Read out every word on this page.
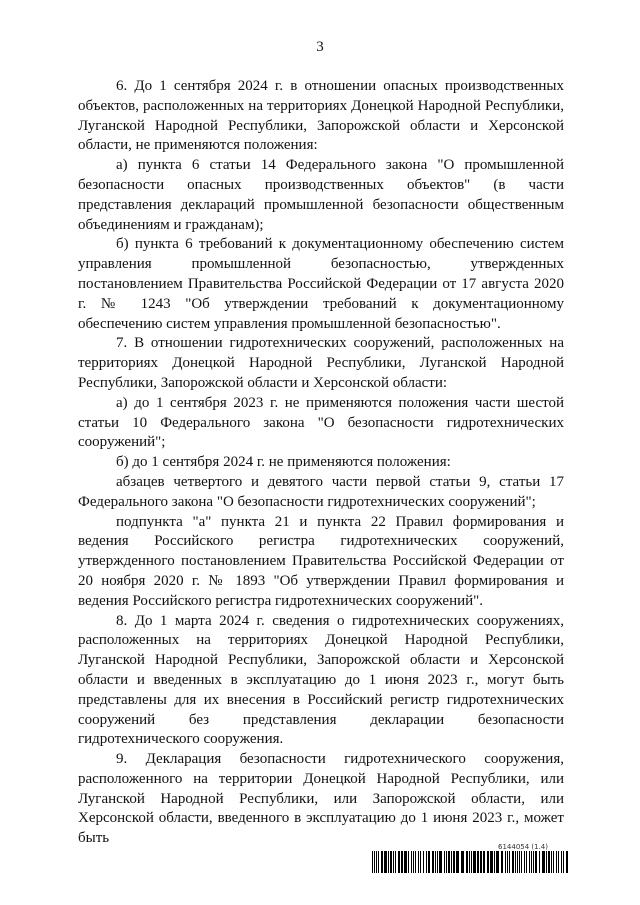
3

6. До 1 сентября 2024 г. в отношении опасных производственных объектов, расположенных на территориях Донецкой Народной Республики, Луганской Народной Республики, Запорожской области и Херсонской области, не применяются положения:

а) пункта 6 статьи 14 Федерального закона "О промышленной безопасности опасных производственных объектов" (в части представления деклараций промышленной безопасности общественным объединениям и гражданам);

б) пункта 6 требований к документационному обеспечению систем управления промышленной безопасностью, утвержденных постановлением Правительства Российской Федерации от 17 августа 2020 г. № 1243 "Об утверждении требований к документационному обеспечению систем управления промышленной безопасностью".

7. В отношении гидротехнических сооружений, расположенных на территориях Донецкой Народной Республики, Луганской Народной Республики, Запорожской области и Херсонской области:

а) до 1 сентября 2023 г. не применяются положения части шестой статьи 10 Федерального закона "О безопасности гидротехнических сооружений";

б) до 1 сентября 2024 г. не применяются положения:

абзацев четвертого и девятого части первой статьи 9, статьи 17 Федерального закона "О безопасности гидротехнических сооружений";

подпункта "а" пункта 21 и пункта 22 Правил формирования и ведения Российского регистра гидротехнических сооружений, утвержденного постановлением Правительства Российской Федерации от 20 ноября 2020 г. № 1893 "Об утверждении Правил формирования и ведения Российского регистра гидротехнических сооружений".

8. До 1 марта 2024 г. сведения о гидротехнических сооружениях, расположенных на территориях Донецкой Народной Республики, Луганской Народной Республики, Запорожской области и Херсонской области и введенных в эксплуатацию до 1 июня 2023 г., могут быть представлены для их внесения в Российский регистр гидротехнических сооружений без представления декларации безопасности гидротехнического сооружения.

9. Декларация безопасности гидротехнического сооружения, расположенного на территории Донецкой Народной Республики, или Луганской Народной Республики, или Запорожской области, или Херсонской области, введенного в эксплуатацию до 1 июня 2023 г., может быть

6144054 (1.4)
